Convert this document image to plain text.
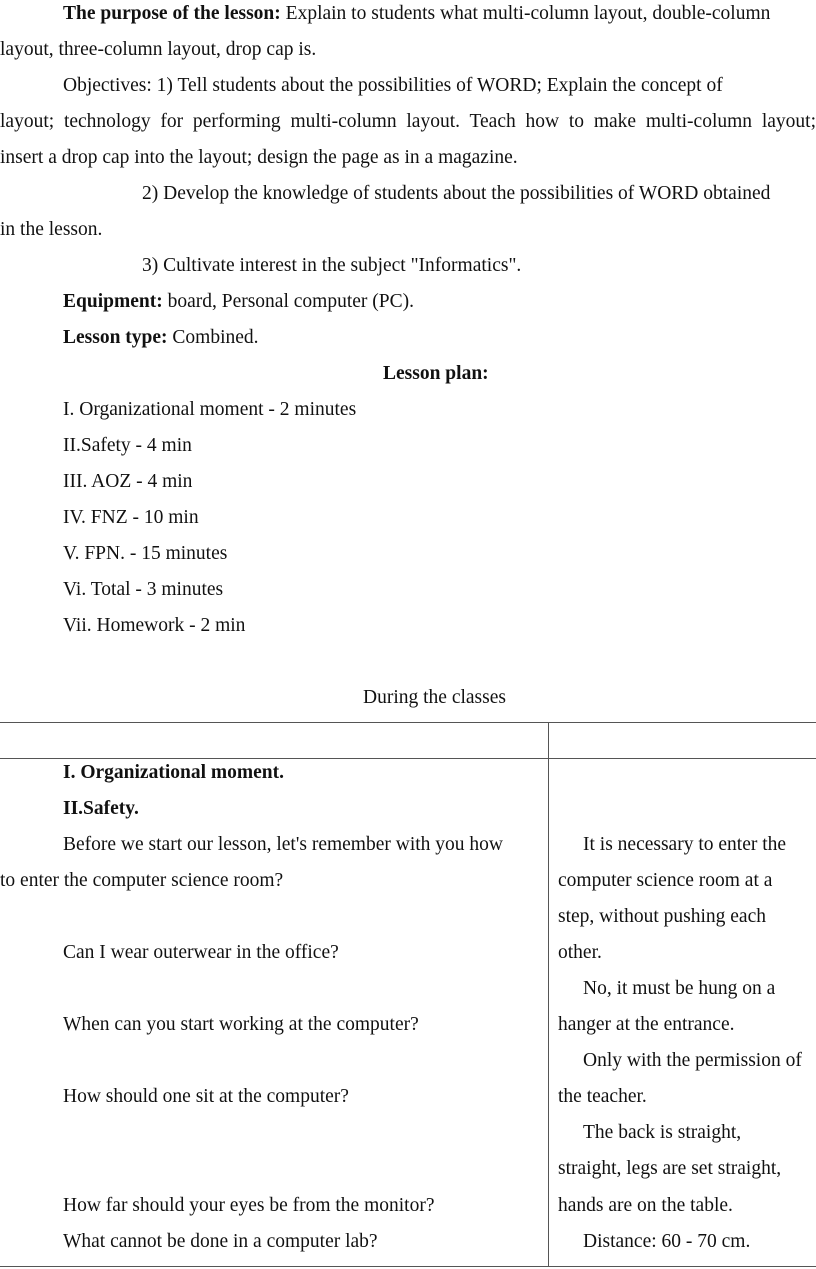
The purpose of the lesson: Explain to students what multi-column layout, double-column
layout, three-column layout, drop cap is.
Objectives: 1) Tell students about the possibilities of WORD; Explain the concept of
layout; technology for performing multi-column layout. Teach how to make multi-column layout;
insert a drop cap into the layout; design the page as in a magazine.
2) Develop the knowledge of students about the possibilities of WORD obtained
in the lesson.
3) Cultivate interest in the subject "Informatics".
Equipment: board, Personal computer (PC).
Lesson type: Combined.
Lesson plan:
I. Organizational moment - 2 minutes
II.Safety - 4 min
III. AOZ - 4 min
IV. FNZ - 10 min
V. FPN. - 15 minutes
Vi. Total - 3 minutes
Vii. Homework - 2 min
During the classes
I. Organizational moment.
II.Safety.
Before we start our lesson, let's remember with you how
to enter the computer science room?
Can I wear outerwear in the office?
When can you start working at the computer?
How should one sit at the computer?
How far should your eyes be from the monitor?
What cannot be done in a computer lab?
It is necessary to enter the
computer science room at a
step, without pushing each
other.
No, it must be hung on a
hanger at the entrance.
Only with the permission of
the teacher.
The back is straight,
straight, legs are set straight,
hands are on the table.
Distance: 60 - 70 cm.
